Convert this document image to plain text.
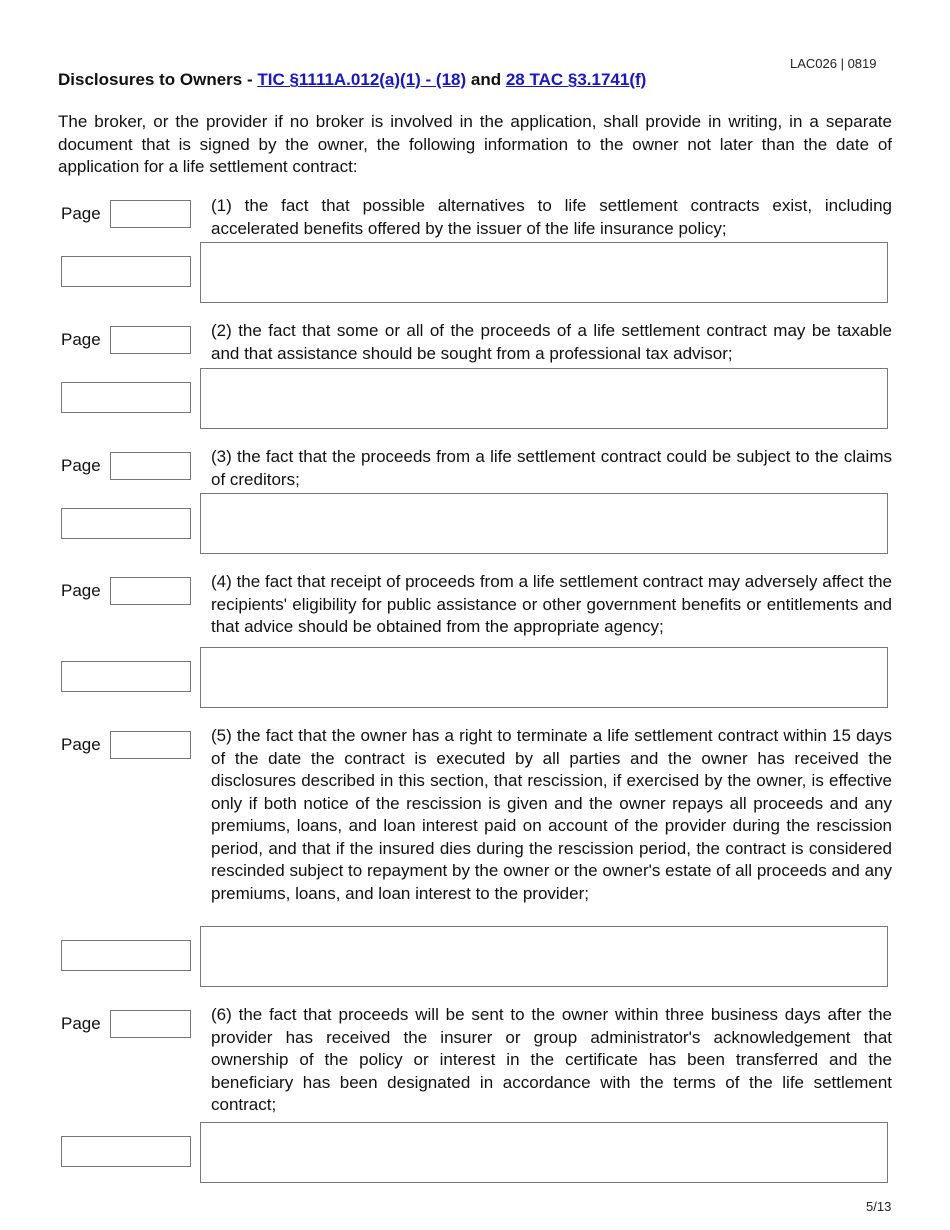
LAC026 | 0819
Disclosures to Owners - TIC §1111A.012(a)(1) - (18) and 28 TAC §3.1741(f)
The broker, or the provider if no broker is involved in the application, shall provide in writing, in a separate document that is signed by the owner, the following information to the owner not later than the date of application for a life settlement contract:
Page	(1) the fact that possible alternatives to life settlement contracts exist, including accelerated benefits offered by the issuer of the life insurance policy;
Page	(2) the fact that some or all of the proceeds of a life settlement contract may be taxable and that assistance should be sought from a professional tax advisor;
Page	(3) the fact that the proceeds from a life settlement contract could be subject to the claims of creditors;
Page	(4) the fact that receipt of proceeds from a life settlement contract may adversely affect the recipients' eligibility for public assistance or other government benefits or entitlements and that advice should be obtained from the appropriate agency;
Page	(5) the fact that the owner has a right to terminate a life settlement contract within 15 days of the date the contract is executed by all parties and the owner has received the disclosures described in this section, that rescission, if exercised by the owner, is effective only if both notice of the rescission is given and the owner repays all proceeds and any premiums, loans, and loan interest paid on account of the provider during the rescission period, and that if the insured dies during the rescission period, the contract is considered rescinded subject to repayment by the owner or the owner's estate of all proceeds and any premiums, loans, and loan interest to the provider;
Page	(6) the fact that proceeds will be sent to the owner within three business days after the provider has received the insurer or group administrator's acknowledgement that ownership of the policy or interest in the certificate has been transferred and the beneficiary has been designated in accordance with the terms of the life settlement contract;
5/13
